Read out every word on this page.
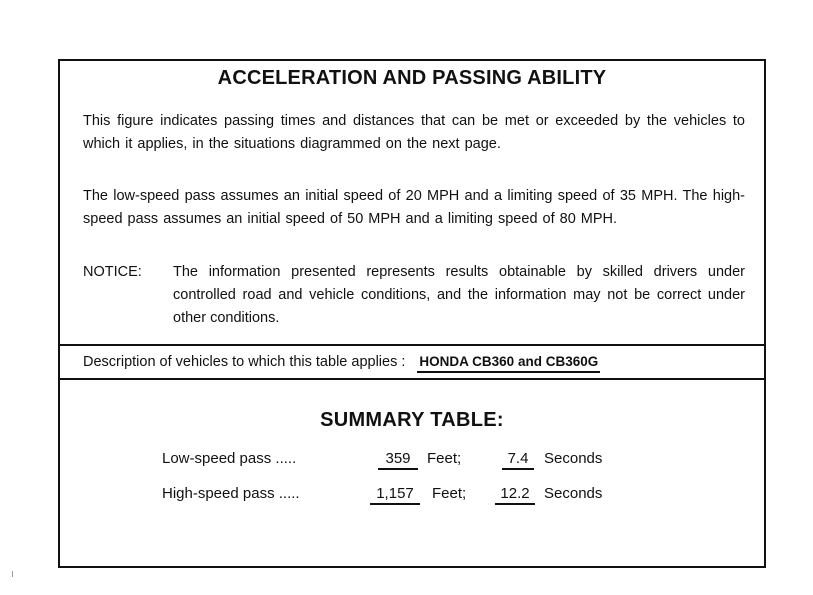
ACCELERATION AND PASSING ABILITY
This figure indicates passing times and distances that can be met or exceeded by the vehicles to which it applies, in the situations diagrammed on the next page.
The low-speed pass assumes an initial speed of 20 MPH and a limiting speed of 35 MPH. The high-speed pass assumes an initial speed of 50 MPH and a limiting speed of 80 MPH.
NOTICE: The information presented represents results obtainable by skilled drivers under controlled road and vehicle conditions, and the information may not be correct under other conditions.
Description of vehicles to which this table applies : HONDA CB360 and CB360G
SUMMARY TABLE:
Low-speed pass .....	359	Feet;	7.4	Seconds
High-speed pass .....	1,157	Feet;	12.2 Seconds
